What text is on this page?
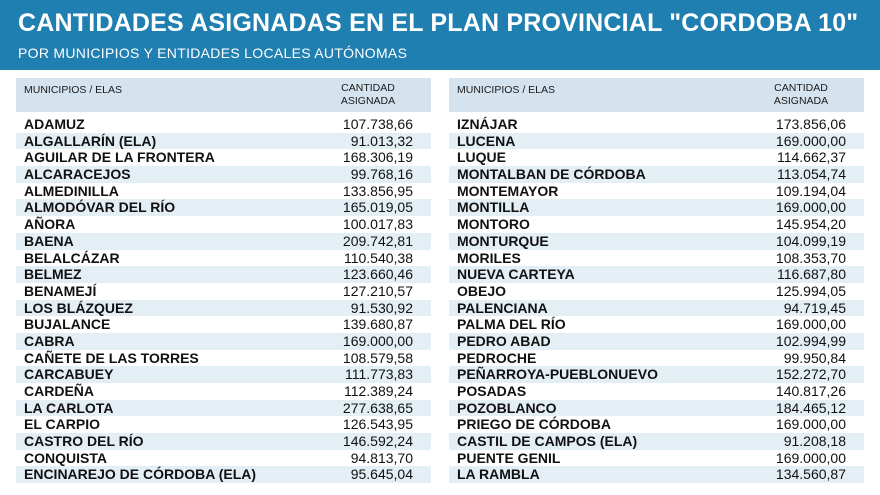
CANTIDADES ASIGNADAS EN EL PLAN PROVINCIAL "CORDOBA 10"
POR MUNICIPIOS Y ENTIDADES LOCALES AUTÓNOMAS
MUNICIPIOS / ELAS	CANTIDAD
ASIGNADA
ADAMUZ	107.738,66
ALGALLARÍN (ELA)	91.013,32
AGUILAR DE LA FRONTERA	168.306,19
ALCARACEJOS	99.768,16
ALMEDINILLA	133.856,95
ALMODÓVAR DEL RÍO	165.019,05
AÑORA	100.017,83
BAENA	209.742,81
BELALCÁZAR	110.540,38
BELMEZ	123.660,46
BENAMEJÍ	127.210,57
LOS BLÁZQUEZ	91.530,92
BUJALANCE	139.680,87
CABRA	169.000,00
CAÑETE DE LAS TORRES	108.579,58
CARCABUEY	111.773,83
CARDEÑA	112.389,24
LA CARLOTA	277.638,65
EL CARPIO	126.543,95
CASTRO DEL RÍO	146.592,24
CONQUISTA	94.813,70
ENCINAREJO DE CÓRDOBA (ELA)	95.645,04
MUNICIPIOS / ELAS	CANTIDAD
ASIGNADA
IZNÁJAR	173.856,06
LUCENA	169.000,00
LUQUE	114.662,37
MONTALBAN DE CÓRDOBA	113.054,74
MONTEMAYOR	109.194,04
MONTILLA	169.000,00
MONTORO	145.954,20
MONTURQUE	104.099,19
MORILES	108.353,70
NUEVA CARTEYA	116.687,80
OBEJO	125.994,05
PALENCIANA	94.719,45
PALMA DEL RÍO	169.000,00
PEDRO ABAD	102.994,99
PEDROCHE	99.950,84
PEÑARROYA-PUEBLONUEVO	152.272,70
POSADAS	140.817,26
POZOBLANCO	184.465,12
PRIEGO DE CÓRDOBA	169.000,00
CASTIL DE CAMPOS (ELA)	91.208,18
PUENTE GENIL	169.000,00
LA RAMBLA	134.560,87
